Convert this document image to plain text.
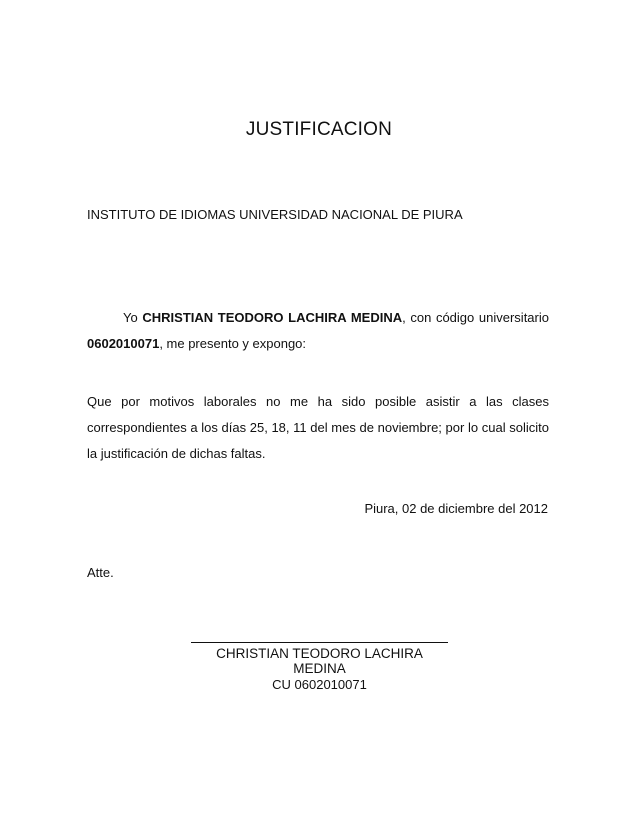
JUSTIFICACION
INSTITUTO DE IDIOMAS UNIVERSIDAD NACIONAL DE PIURA
Yo CHRISTIAN TEODORO LACHIRA MEDINA, con código universitario 0602010071, me presento y expongo:
Que por motivos laborales no me ha sido posible asistir a las clases correspondientes a los días 25, 18, 11 del mes de noviembre; por lo cual solicito la justificación de dichas faltas.
Piura, 02 de diciembre del 2012
Atte.
CHRISTIAN TEODORO LACHIRA MEDINA
CU 0602010071
